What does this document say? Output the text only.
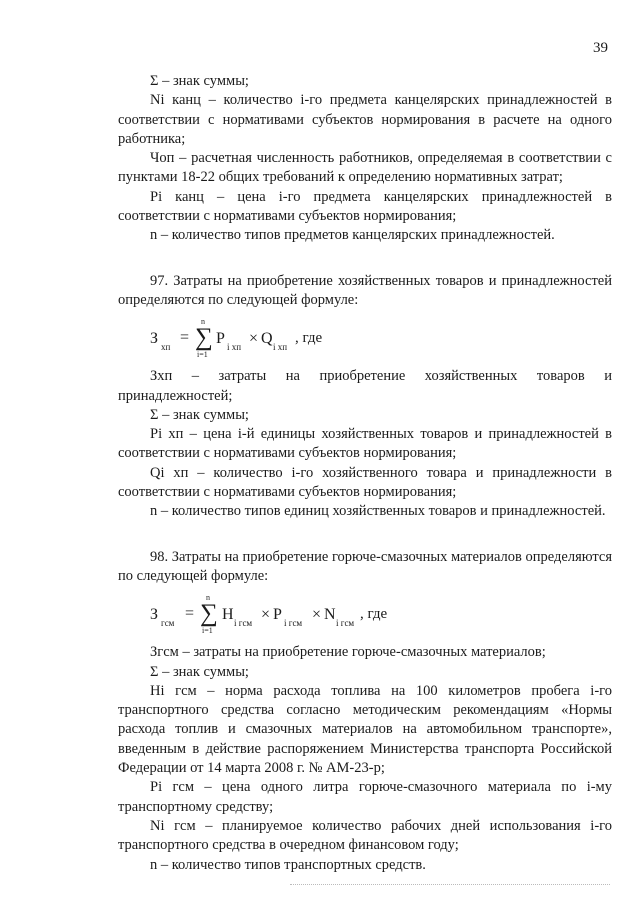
39

Σ – знак суммы;

Ni канц – количество i-го предмета канцелярских принадлежностей в соответствии с нормативами субъектов нормирования в расчете на одного работника;

Чоп – расчетная численность работников, определяемая в соответствии с пунктами 18-22 общих требований к определению нормативных затрат;

Pi канц – цена i-го предмета канцелярских принадлежностей в соответствии с нормативами субъектов нормирования;

n – количество типов предметов канцелярских принадлежностей.

97. Затраты на приобретение хозяйственных товаров и принадлежностей определяются по следующей формуле:

З хп
=
n
∑
i=1
P i хп × Q i хп
, где

Зхп – затраты на приобретение хозяйственных товаров и принадлежностей;

Σ – знак суммы;

Pi хп – цена i-й единицы хозяйственных товаров и принадлежностей в соответствии с нормативами субъектов нормирования;

Qi хп – количество i-го хозяйственного товара и принадлежности в соответствии с нормативами субъектов нормирования;

n – количество типов единиц хозяйственных товаров и принадлежностей.

98. Затраты на приобретение горюче-смазочных материалов определяются по следующей формуле:

З гсм
=
n
∑
i=1
Н i гсм × P i гсм × N i гсм
, где

Згсм – затраты на приобретение горюче-смазочных материалов;

Σ – знак суммы;

Нi гсм – норма расхода топлива на 100 километров пробега i-го транспортного средства согласно методическим рекомендациям «Нормы расхода топлив и смазочных материалов на автомобильном транспорте», введенным в действие распоряжением Министерства транспорта Российской Федерации от 14 марта 2008 г. № АМ-23-р;

Pi гсм – цена одного литра горюче-смазочного материала по i-му транспортному средству;

Ni гсм – планируемое количество рабочих дней использования i-го транспортного средства в очередном финансовом году;

n – количество типов транспортных средств.
